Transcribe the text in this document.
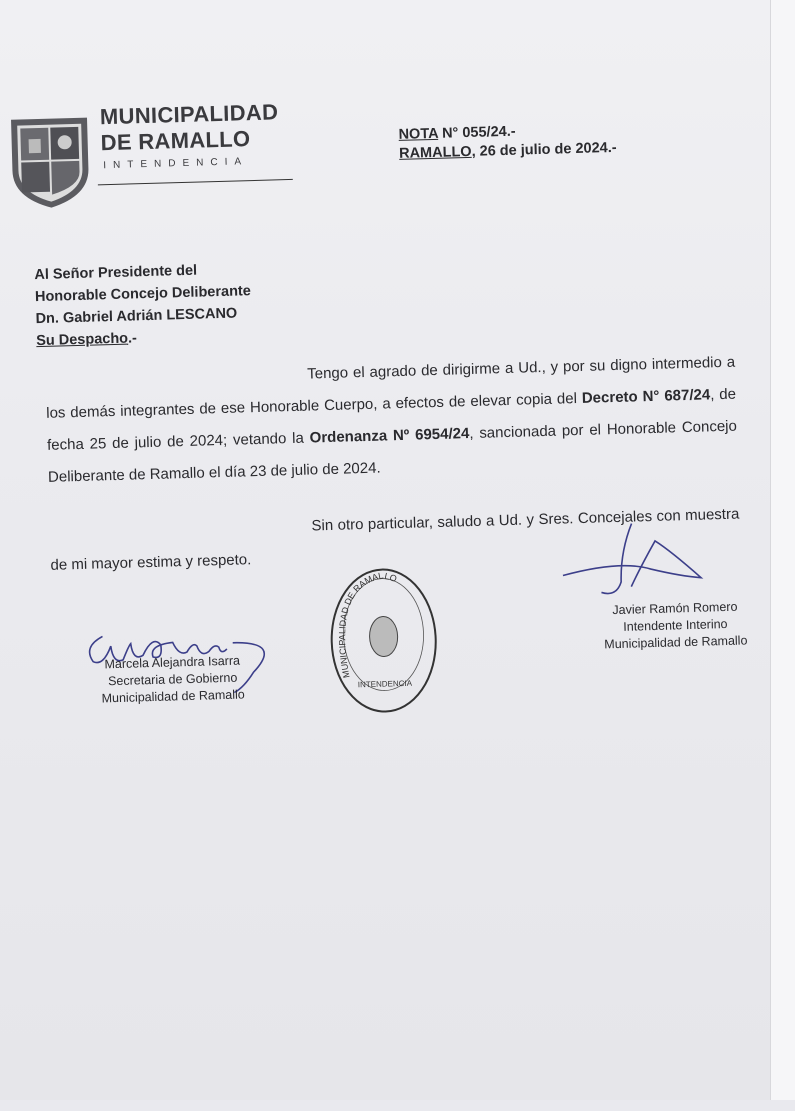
MUNICIPALIDAD
DE RAMALLO
INTENDENCIA
NOTA N° 055/24.-
RAMALLO, 26 de julio de 2024.-
Al Señor Presidente del
Honorable Concejo Deliberante
Dn. Gabriel Adrián LESCANO
Su Despacho.-
Tengo el agrado de dirigirme a Ud., y por su digno intermedio a los demás integrantes de ese Honorable Cuerpo, a efectos de elevar copia del Decreto N° 687/24, de fecha 25 de julio de 2024; vetando la Ordenanza Nº 6954/24, sancionada por el Honorable Concejo Deliberante de Ramallo el día 23 de julio de 2024.
Sin otro particular, saludo a Ud. y Sres. Concejales con muestra de mi mayor estima y respeto.
Marcela Alejandra Isarra
Secretaria de Gobierno
Municipalidad de Ramallo
INTENDENCIA
MUNICIPALIDAD DE RAMALLO
Javier Ramón Romero
Intendente Interino
Municipalidad de Ramallo
